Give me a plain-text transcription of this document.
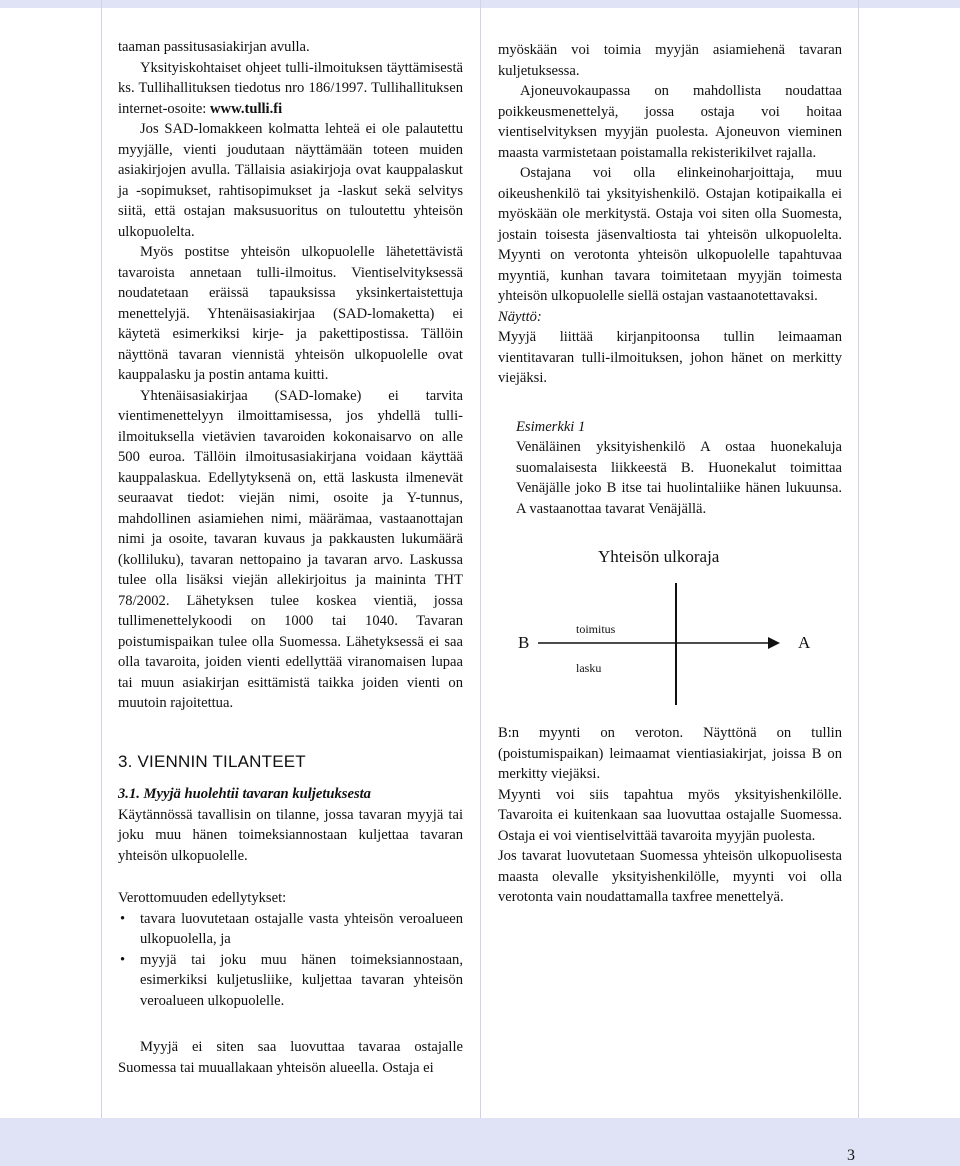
taaman passitusasiakirjan avulla.

Yksityiskohtaiset ohjeet tulli-ilmoituksen täyttämisestä ks. Tullihallituksen tiedotus nro 186/1997. Tullihallituksen internet-osoite: www.tulli.fi

Jos SAD-lomakkeen kolmatta lehteä ei ole palautettu myyjälle, vienti joudutaan näyttämään toteen muiden asiakirjojen avulla. Tällaisia asiakirjoja ovat kauppalaskut ja -sopimukset, rahtisopimukset ja -laskut sekä selvitys siitä, että ostajan maksusuoritus on tuloutettu yhteisön ulkopuolelta.

Myös postitse yhteisön ulkopuolelle lähetettävistä tavaroista annetaan tulli-ilmoitus. Vientiselvityksessä noudatetaan eräissä tapauksissa yksinkertaistettuja menettelyjä. Yhtenäisasiakirjaa (SAD-lomaketta) ei käytetä esimerkiksi kirje- ja pakettipostissa. Tällöin näyttönä tavaran viennistä yhteisön ulkopuolelle ovat kauppalasku ja postin antama kuitti.

Yhtenäisasiakirjaa (SAD-lomake) ei tarvita vientimenettelyyn ilmoittamisessa, jos yhdellä tulli-ilmoituksella vietävien tavaroiden kokonaisarvo on alle 500 euroa. Tällöin ilmoitusasiakirjana voidaan käyttää kauppalaskua. Edellytyksenä on, että laskusta ilmenevät seuraavat tiedot: viejän nimi, osoite ja Y-tunnus, mahdollinen asiamiehen nimi, määrämaa, vastaanottajan nimi ja osoite, tavaran kuvaus ja pakkausten lukumäärä (kolliluku), tavaran nettopaino ja tavaran arvo. Laskussa tulee olla lisäksi viejän allekirjoitus ja maininta THT 78/2002. Lähetyksen tulee koskea vientiä, jossa tullimenettelykoodi on 1000 tai 1040. Tavaran poistumispaikan tulee olla Suomessa. Lähetyksessä ei saa olla tavaroita, joiden vienti edellyttää viranomaisen lupaa tai muun asiakirjan esittämistä taikka joiden vienti on muutoin rajoitettua.

3. VIENNIN TILANTEET

3.1. Myyjä huolehtii tavaran kuljetuksesta

Käytännössä tavallisin on tilanne, jossa tavaran myyjä tai joku muu hänen toimeksiannostaan kuljettaa tavaran yhteisön ulkopuolelle.

Verottomuuden edellytykset:

• tavara luovutetaan ostajalle vasta yhteisön veroalueen ulkopuolella, ja
• myyjä tai joku muu hänen toimeksiannostaan, esimerkiksi kuljetusliike, kuljettaa tavaran yhteisön veroalueen ulkopuolelle.

Myyjä ei siten saa luovuttaa tavaraa ostajalle Suomessa tai muuallakaan yhteisön alueella. Ostaja ei

myöskään voi toimia myyjän asiamiehenä tavaran kuljetuksessa.

Ajoneuvokaupassa on mahdollista noudattaa poikkeusmenettelyä, jossa ostaja voi hoitaa vientiselvityksen myyjän puolesta. Ajoneuvon vieminen maasta varmistetaan poistamalla rekisterikilvet rajalla.

Ostajana voi olla elinkeinoharjoittaja, muu oikeushenkilö tai yksityishenkilö. Ostajan kotipaikalla ei myöskään ole merkitystä. Ostaja voi siten olla Suomesta, jostain toisesta jäsenvaltiosta tai yhteisön ulkopuolelta. Myynti on verotonta yhteisön ulkopuolelle tapahtuvaa myyntiä, kunhan tavara toimitetaan myyjän toimesta yhteisön ulkopuolelle siellä ostajan vastaanotettavaksi.

Näyttö:

Myyjä liittää kirjanpitoonsa tullin leimaaman vientitavaran tulli-ilmoituksen, johon hänet on merkitty viejäksi.

Esimerkki 1

Venäläinen yksityishenkilö A ostaa huonekaluja suomalaisesta liikkeestä B. Huonekalut toimittaa Venäjälle joko B itse tai huolintaliike hänen lukuunsa. A vastaanottaa tavarat Venäjällä.

Yhteisön ulkoraja
B	A
toimitus
lasku

B:n myynti on veroton. Näyttönä on tullin (poistumispaikan) leimaamat vientiasiakirjat, joissa B on merkitty viejäksi.

Myynti voi siis tapahtua myös yksityishenkilölle. Tavaroita ei kuitenkaan saa luovuttaa ostajalle Suomessa. Ostaja ei voi vientiselvittää tavaroita myyjän puolesta.

Jos tavarat luovutetaan Suomessa yhteisön ulkopuolisesta maasta olevalle yksityishenkilölle, myynti voi olla verotonta vain noudattamalla taxfree menettelyä.

3
